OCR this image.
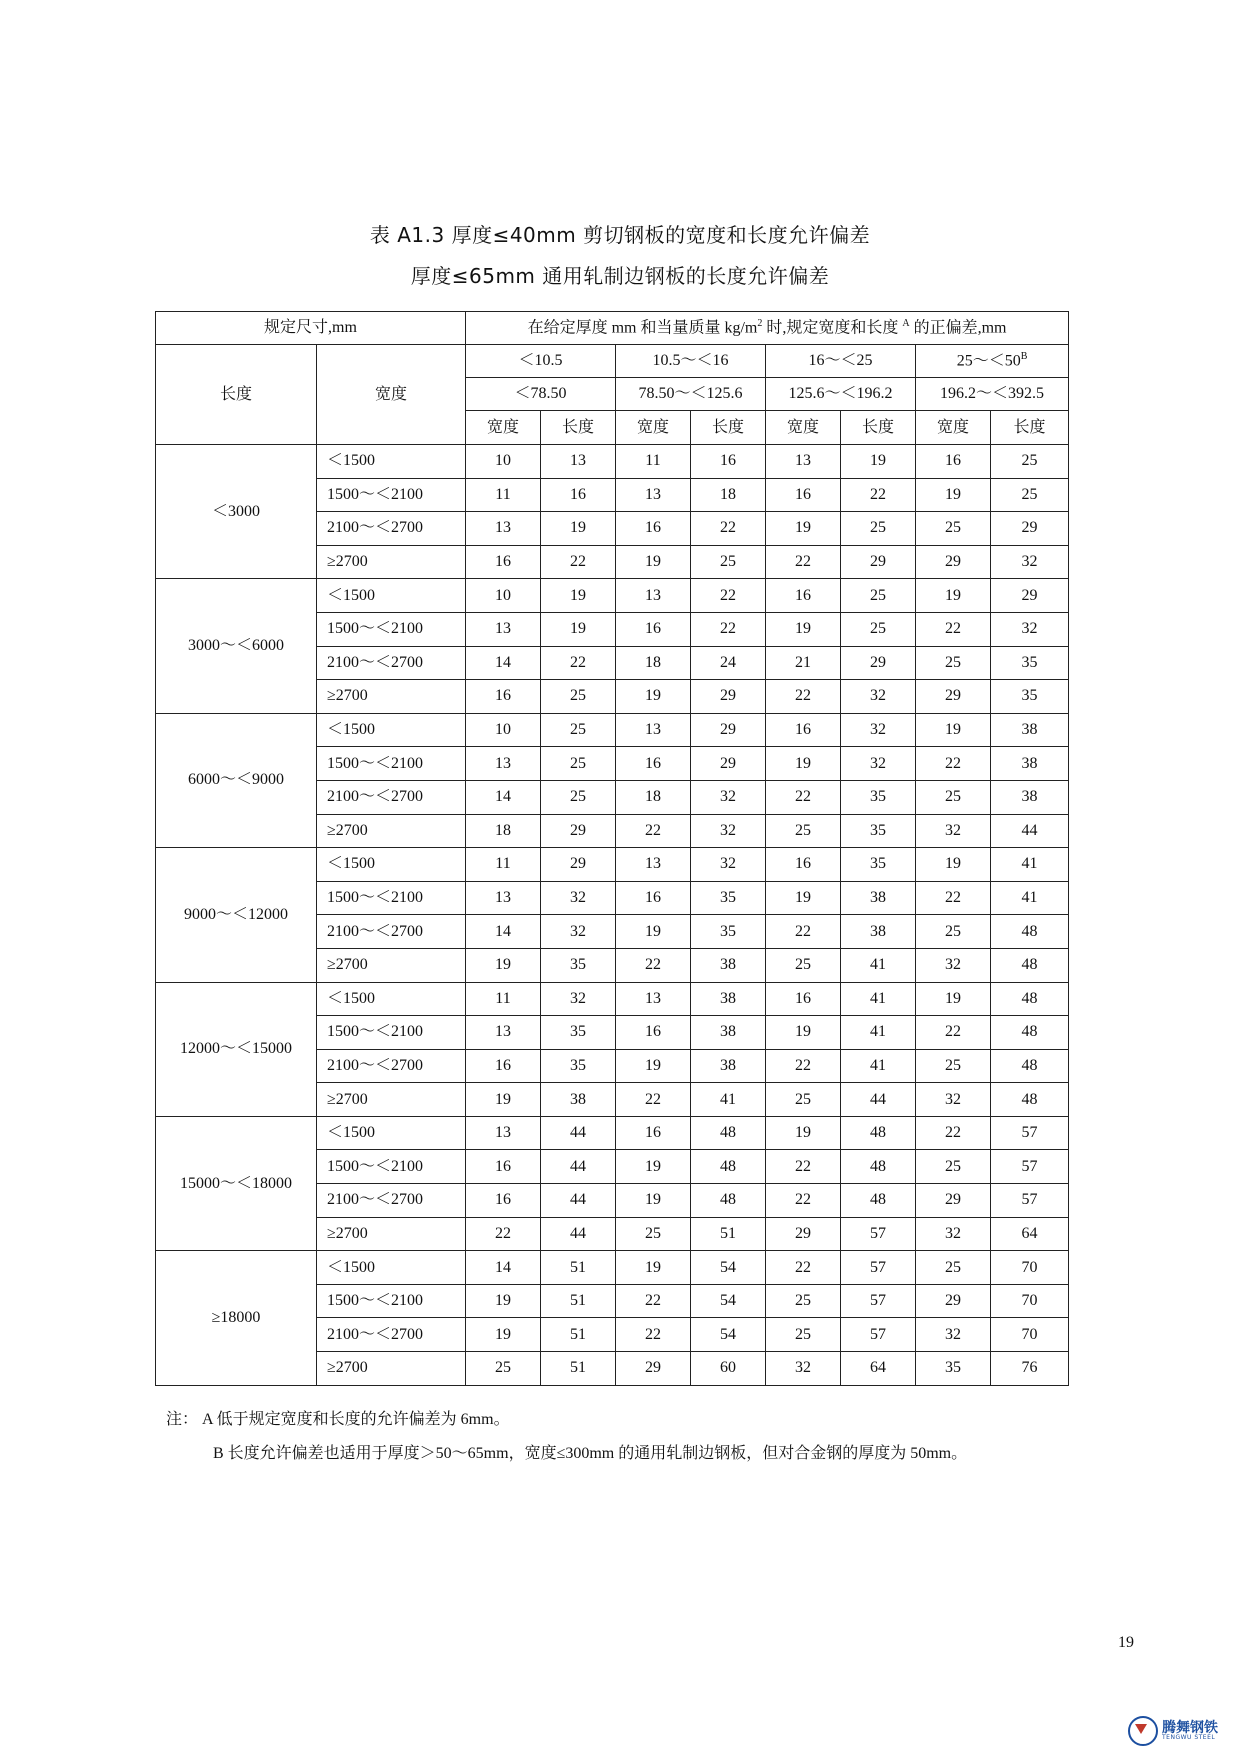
表 A1.3 厚度≤40mm 剪切钢板的宽度和长度允许偏差
厚度≤65mm 通用轧制边钢板的长度允许偏差
规定尺寸,mm		在给定厚度 mm 和当量质量 $kg/m^2$ 时,规定宽度和长度 $^A$ 的正偏差,mm							
长度	宽度	＜10.5		10.5～＜16		16～＜25		$25\sim<50^B$
		＜78.50		78.50～＜125.6		125.6～＜196.2		196.2～＜392.5	
		宽度	长度	宽度	长度	宽度	长度	宽度	长度
＜3000	＜1500	10	13	11	16	13	19	16	25
	1500～＜2100	11	16	13	18	16	22	19	25
	2100～＜2700	13	19	16	22	19	25	25	29
	≥2700	16	22	19	25	22	29	29	32
3000～＜6000	＜1500	10	19	13	22	16	25	19	29
	1500～＜2100	13	19	16	22	19	25	22	32
	2100～＜2700	14	22	18	24	21	29	25	35
	≥2700	16	25	19	29	22	32	29	35
6000～＜9000	＜1500	10	25	13	29	16	32	19	38
	1500～＜2100	13	25	16	29	19	32	22	38
	2100～＜2700	14	25	18	32	22	35	25	38
	≥2700	18	29	22	32	25	35	32	44
9000～＜12000	＜1500	11	29	13	32	16	35	19	41
	1500～＜2100	13	32	16	35	19	38	22	41
	2100～＜2700	14	32	19	35	22	38	25	48
	≥2700	19	35	22	38	25	41	32	48
12000～＜15000	＜1500	11	32	13	38	16	41	19	48
	1500～＜2100	13	35	16	38	19	41	22	48
	2100～＜2700	16	35	19	38	22	41	25	48
	≥2700	19	38	22	41	25	44	32	48
15000～＜18000	＜1500	13	44	16	48	19	48	22	57
	1500～＜2100	16	44	19	48	22	48	25	57
	2100～＜2700	16	44	19	48	22	48	29	57
	≥2700	22	44	25	51	29	57	32	64
≥18000	＜1500	14	51	19	54	22	57	25	70
	1500～＜2100	19	51	22	54	25	57	29	70
	2100～＜2700	19	51	22	54	25	57	32	70
	≥2700	25	51	29	60	32	64	35	76
注： A 低于规定宽度和长度的允许偏差为 6mm。
B 长度允许偏差也适用于厚度＞50～65mm，宽度≤300mm 的通用轧制边钢板，但对合金钢的厚度为 50mm。
19
腾舞钢铁
TENGWU STEEL
